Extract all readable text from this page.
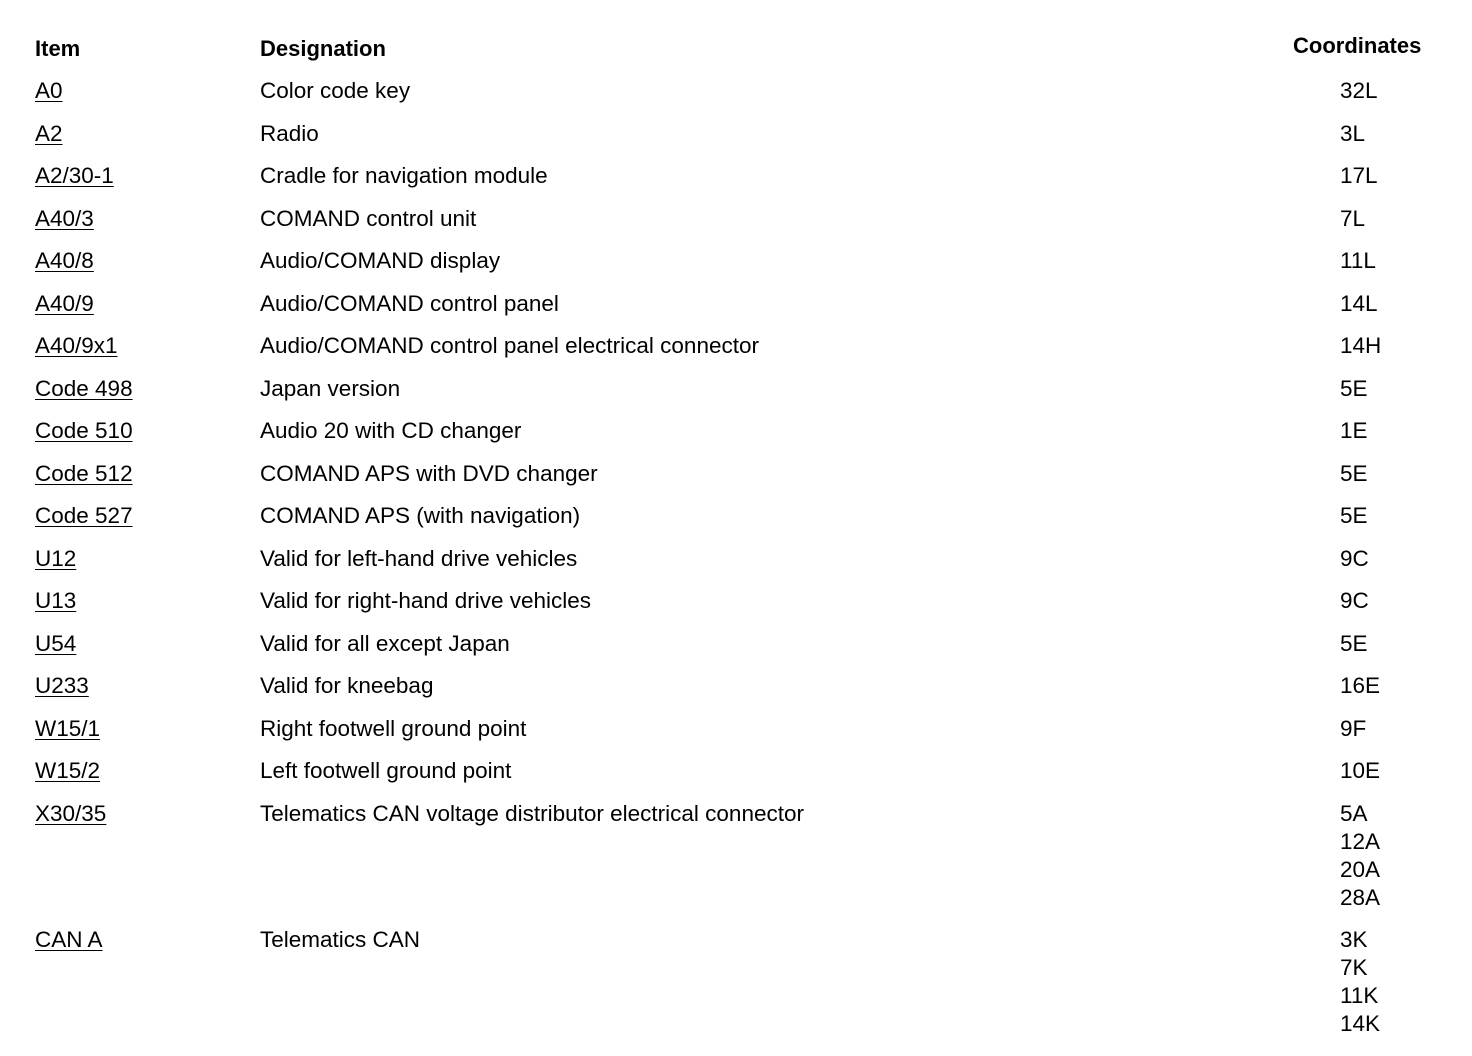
Item	Designation	Coordinates
A0	Color code key	32L
A2	Radio	3L
A2/30-1	Cradle for navigation module	17L
A40/3	COMAND control unit	7L
A40/8	Audio/COMAND display	11L
A40/9	Audio/COMAND control panel	14L
A40/9x1	Audio/COMAND control panel electrical connector	14H
Code 498	Japan version	5E
Code 510	Audio 20 with CD changer	1E
Code 512	COMAND APS with DVD changer	5E
Code 527	COMAND APS (with navigation)	5E
U12	Valid for left-hand drive vehicles	9C
U13	Valid for right-hand drive vehicles	9C
U54	Valid for all except Japan	5E
U233	Valid for kneebag	16E
W15/1	Right footwell ground point	9F
W15/2	Left footwell ground point	10E
X30/35	Telematics CAN voltage distributor electrical connector	5A
12A
20A
28A
CAN A	Telematics CAN	3K
7K
11K
14K
